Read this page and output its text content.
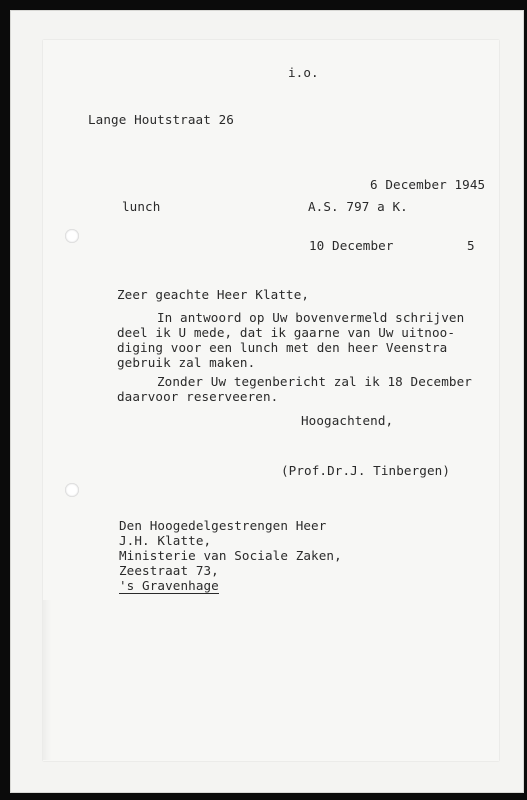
i.o.
Lange Houtstraat 26
6 December 1945
lunch	A.S. 797 a K.
10 December	5
Zeer geachte Heer Klatte,
In antwoord op Uw bovenvermeld schrijven
deel ik U mede, dat ik gaarne van Uw uitnoo-
diging voor een lunch met den heer Veenstra
gebruik zal maken.
Zonder Uw tegenbericht zal ik 18 December
daarvoor reserveeren.
Hoogachtend,
(Prof.Dr.J. Tinbergen)
Den Hoogedelgestrengen Heer
J.H. Klatte,
Ministerie van Sociale Zaken,
Zeestraat 73,
's Gravenhage
